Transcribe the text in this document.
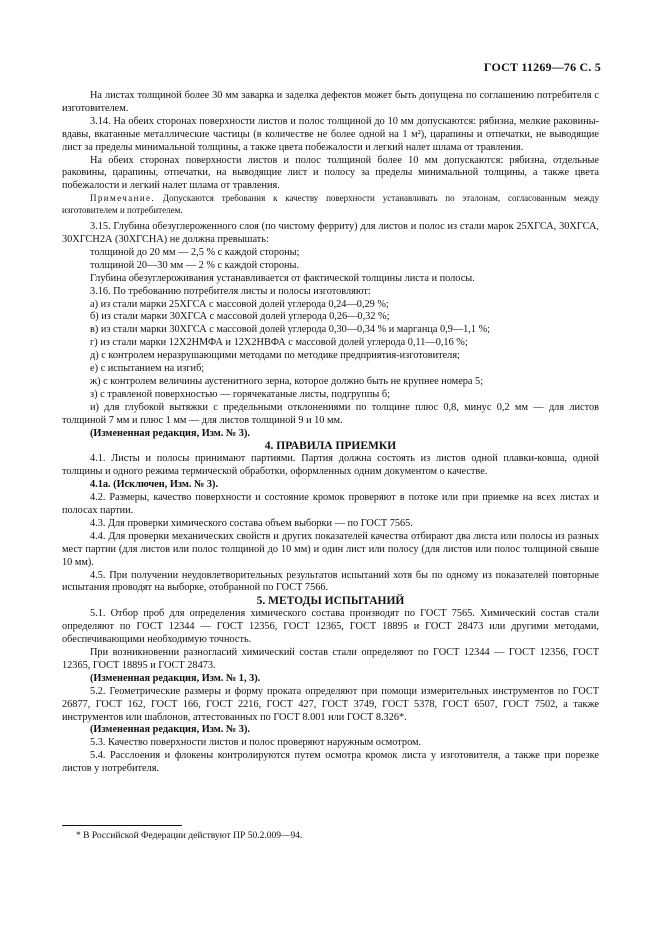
ГОСТ 11269—76 С. 5

На листах толщиной более 30 мм заварка и заделка дефектов может быть допущена по соглашению потребителя с изготовителем.

3.14. На обеих сторонах поверхности листов и полос толщиной до 10 мм допускаются: рябизна, мелкие раковины-вдавы, вкатанные металлические частицы (в количестве не более одной на 1 м²), царапины и отпечатки, не выводящие лист за пределы минимальной толщины, а также цвета побежалости и легкий налет шлама от травления.

На обеих сторонах поверхности листов и полос толщиной более 10 мм допускаются: рябизна, отдельные раковины, царапины, отпечатки, на выводящие лист и полосу за пределы минимальной толщины, а также цвета побежалости и легкий налет шлама от травления.

Примечание. Допускаются требования к качеству поверхности устанавливать по эталонам, согласованным между изготовителем и потребителем.

3.15. Глубина обезуглероженного слоя (по чистому ферриту) для листов и полос из стали марок 25ХГСА, 30ХГСА, 30ХГСН2А (30ХГСНА) не должна превышать:

толщиной до 20 мм — 2,5 % с каждой стороны;

толщиной 20—30 мм — 2 % с каждой стороны.

Глубина обезуглероживания устанавливается от фактической толщины листа и полосы.

3.16. По требованию потребителя листы и полосы изготовляют:

а) из стали марки 25ХГСА с массовой долей углерода 0,24—0,29 %;

б) из стали марки 30ХГСА с массовой долей углерода 0,26—0,32 %;

в) из стали марки 30ХГСА с массовой долей углерода 0,30—0,34 % и марганца 0,9—1,1 %;

г) из стали марки 12Х2НМФА и 12Х2НВФА с массовой долей углерода 0,11—0,16 %;

д) с контролем неразрушающими методами по методике предприятия-изготовителя;

е) с испытанием на изгиб;

ж) с контролем величины аустенитного зерна, которое должно быть не крупнее номера 5;

з) с травленой поверхностью — горячекатаные листы, подгруппы б;

и) для глубокой вытяжки с предельными отклонениями по толщине плюс 0,8, минус 0,2 мм — для листов толщиной 7 мм и плюс 1 мм — для листов толщиной 9 и 10 мм.

(Измененная редакция, Изм. № 3).

4. ПРАВИЛА ПРИЕМКИ

4.1. Листы и полосы принимают партиями. Партия должна состоять из листов одной плавки-ковша, одной толщины и одного режима термической обработки, оформленных одним документом о качестве.

4.1а. (Исключен, Изм. № 3).

4.2. Размеры, качество поверхности и состояние кромок проверяют в потоке или при приемке на всех листах и полосах партии.

4.3. Для проверки химического состава объем выборки — по ГОСТ 7565.

4.4. Для проверки механических свойств и других показателей качества отбирают два листа или полосы из разных мест партии (для листов или полос толщиной до 10 мм) и один лист или полосу (для листов или полос толщиной свыше 10 мм).

4.5. При получении неудовлетворительных результатов испытаний хотя бы по одному из показателей повторные испытания проводят на выборке, отобранной по ГОСТ 7566.

5. МЕТОДЫ ИСПЫТАНИЙ

5.1. Отбор проб для определения химического состава производят по ГОСТ 7565. Химический состав стали определяют по ГОСТ 12344 — ГОСТ 12356, ГОСТ 12365, ГОСТ 18895 и ГОСТ 28473 или другими методами, обеспечивающими необходимую точность.

При возникновении разногласий химический состав стали определяют по ГОСТ 12344 — ГОСТ 12356, ГОСТ 12365, ГОСТ 18895 и ГОСТ 28473.

(Измененная редакция, Изм. № 1, 3).

5.2. Геометрические размеры и форму проката определяют при помощи измерительных инструментов по ГОСТ 26877, ГОСТ 162, ГОСТ 166, ГОСТ 2216, ГОСТ 427, ГОСТ 3749, ГОСТ 5378, ГОСТ 6507, ГОСТ 7502, а также инструментов или шаблонов, аттестованных по ГОСТ 8.001 или ГОСТ 8.326*.

(Измененная редакция, Изм. № 3).

5.3. Качество поверхности листов и полос проверяют наружным осмотром.

5.4. Расслоения и флокены контролируются путем осмотра кромок листа у изготовителя, а также при порезке листов у потребителя.

* В Российской Федерации действуют ПР 50.2.009—94.
